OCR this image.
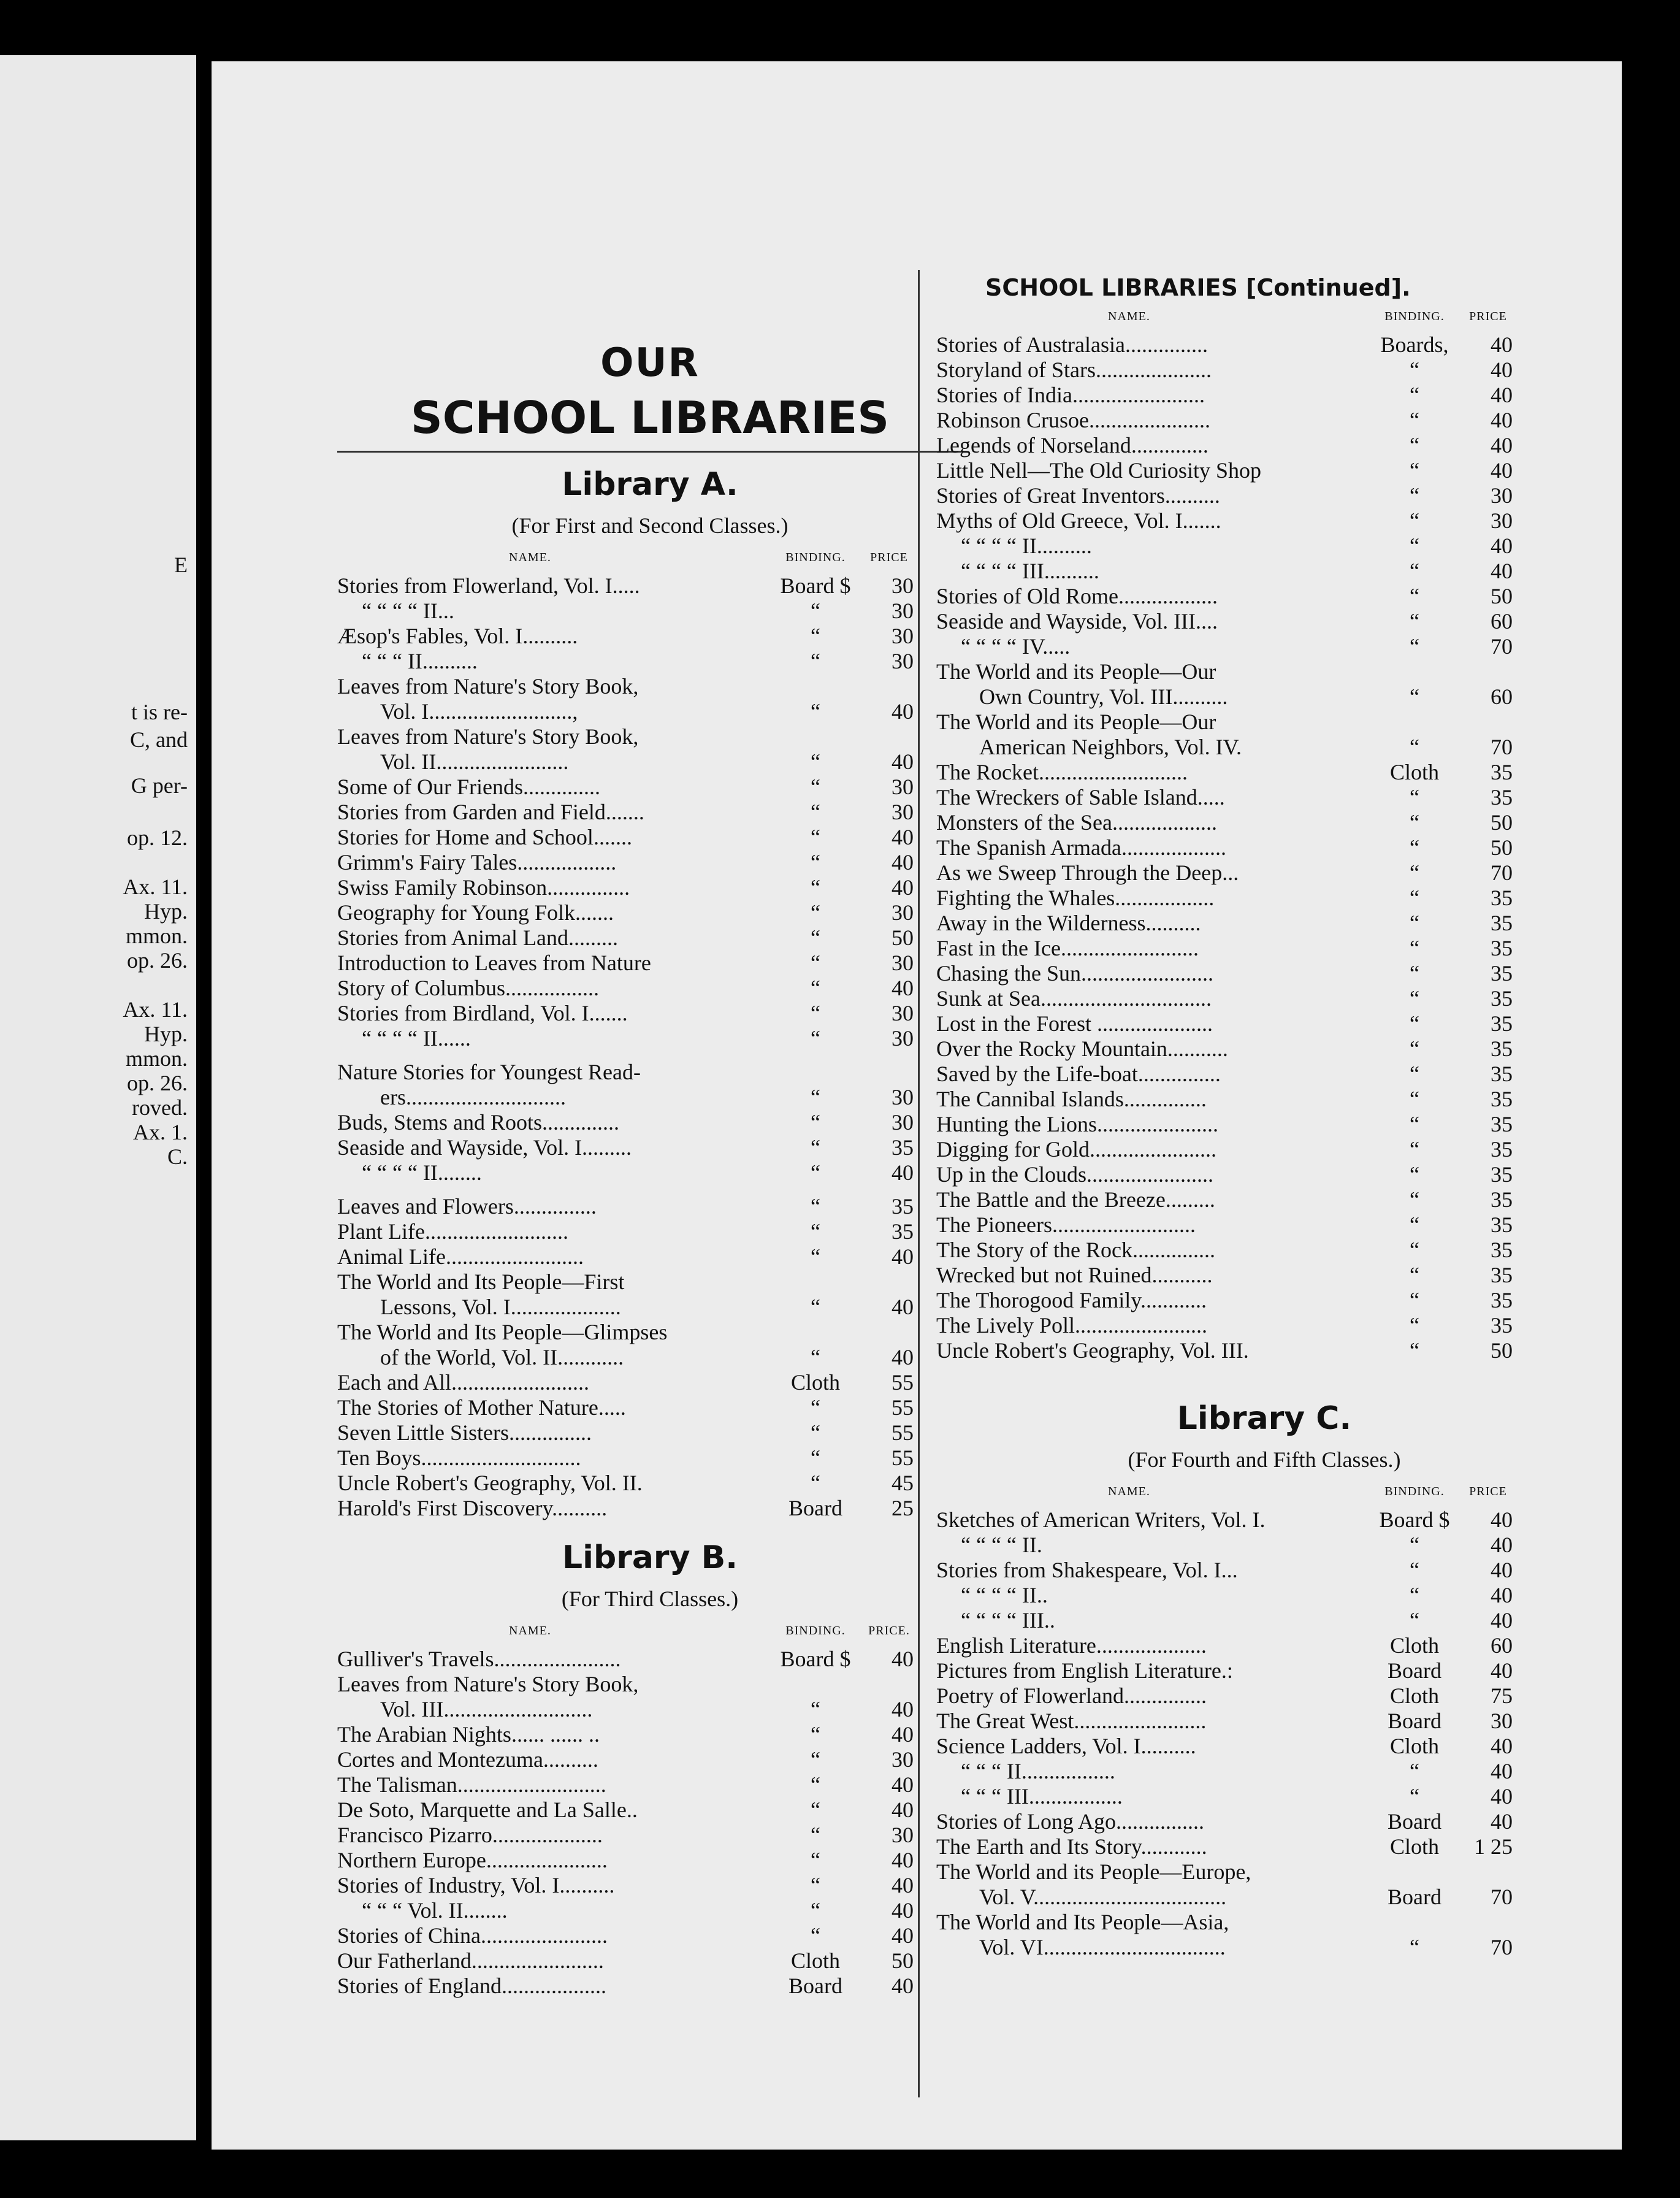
E
t is re-
C, and
G per-
op. 12.
Ax. 11.
Hyp.
mmon.
op. 26.
Ax. 11.
Hyp.
mmon.
op. 26.
roved.
Ax. 1.
C.
OUR
SCHOOL LIBRARIES
Library A.
(For First and Second Classes.)
NAME.	BINDING.	PRICE
Stories from Flowerland, Vol. I.....	Board $	30
“ “ “ “ II...	“	30
Æsop's Fables, Vol. I..........	“	30
“ “ “ II..........	“	30
Leaves from Nature's Story Book,
Vol. I..........................,	“	40
Leaves from Nature's Story Book,
Vol. II........................	“	40
Some of Our Friends..............	“	30
Stories from Garden and Field.......	“	30
Stories for Home and School.......	“	40
Grimm's Fairy Tales..................	“	40
Swiss Family Robinson...............	“	40
Geography for Young Folk.......	“	30
Stories from Animal Land.........	“	50
Introduction to Leaves from Nature	“	30
Story of Columbus.................	“	40
Stories from Birdland, Vol. I.......	“	30
“ “ “ “ II......	“	30
Nature Stories for Youngest Read-
ers.............................	“	30
Buds, Stems and Roots..............	“	30
Seaside and Wayside, Vol. I.........	“	35
“ “ “ “ II........	“	40
Leaves and Flowers...............	“	35
Plant Life..........................	“	35
Animal Life.........................	“	40
The World and Its People—First
Lessons, Vol. I....................	“	40
The World and Its People—Glimpses
of the World, Vol. II............	“	40
Each and All.........................	Cloth	55
The Stories of Mother Nature.....	“	55
Seven Little Sisters...............	“	55
Ten Boys.............................	“	55
Uncle Robert's Geography, Vol. II.	“	45
Harold's First Discovery..........	Board	25
Library B.
(For Third Classes.)
NAME.	BINDING.	PRICE.
Gulliver's Travels.......................	Board $	40
Leaves from Nature's Story Book,
Vol. III...........................	“	40
The Arabian Nights...... ...... ..	“	40
Cortes and Montezuma..........	“	30
The Talisman...........................	“	40
De Soto, Marquette and La Salle..	“	40
Francisco Pizarro....................	“	30
Northern Europe......................	“	40
Stories of Industry, Vol. I..........	“	40
“ “ “ Vol. II........	“	40
Stories of China.......................	“	40
Our Fatherland........................	Cloth	50
Stories of England...................	Board	40
SCHOOL LIBRARIES [Continued].
NAME.	BINDING.	PRICE
Stories of Australasia...............	Boards,	40
Storyland of Stars.....................	“	40
Stories of India........................	“	40
Robinson Crusoe......................	“	40
Legends of Norseland..............	“	40
Little Nell—The Old Curiosity Shop	“	40
Stories of Great Inventors..........	“	30
Myths of Old Greece, Vol. I.......	“	30
“ “ “ “ II..........	“	40
“ “ “ “ III..........	“	40
Stories of Old Rome..................	“	50
Seaside and Wayside, Vol. III....	“	60
“ “ “ “ IV.....	“	70
The World and its People—Our
Own Country, Vol. III..........	“	60
The World and its People—Our
American Neighbors, Vol. IV.	“	70
The Rocket...........................	Cloth	35
The Wreckers of Sable Island.....	“	35
Monsters of the Sea...................	“	50
The Spanish Armada...................	“	50
As we Sweep Through the Deep...	“	70
Fighting the Whales..................	“	35
Away in the Wilderness..........	“	35
Fast in the Ice.........................	“	35
Chasing the Sun........................	“	35
Sunk at Sea...............................	“	35
Lost in the Forest .....................	“	35
Over the Rocky Mountain...........	“	35
Saved by the Life-boat...............	“	35
The Cannibal Islands...............	“	35
Hunting the Lions......................	“	35
Digging for Gold.......................	“	35
Up in the Clouds.......................	“	35
The Battle and the Breeze.........	“	35
The Pioneers..........................	“	35
The Story of the Rock...............	“	35
Wrecked but not Ruined...........	“	35
The Thorogood Family............	“	35
The Lively Poll........................	“	35
Uncle Robert's Geography, Vol. III.	“	50
Library C.
(For Fourth and Fifth Classes.)
NAME.	BINDING.	PRICE
Sketches of American Writers, Vol. I.	Board $	40
“ “ “ “ II.	“	40
Stories from Shakespeare, Vol. I...	“	40
“ “ “ “ II..	“	40
“ “ “ “ III..	“	40
English Literature....................	Cloth	60
Pictures from English Literature.:	Board	40
Poetry of Flowerland...............	Cloth	75
The Great West........................	Board	30
Science Ladders, Vol. I..........	Cloth	40
“ “ “ II.................	“	40
“ “ “ III.................	“	40
Stories of Long Ago................	Board	40
The Earth and Its Story............	Cloth	1 25
The World and its People—Europe,
Vol. V...................................	Board	70
The World and Its People—Asia,
Vol. VI.................................	“	70
